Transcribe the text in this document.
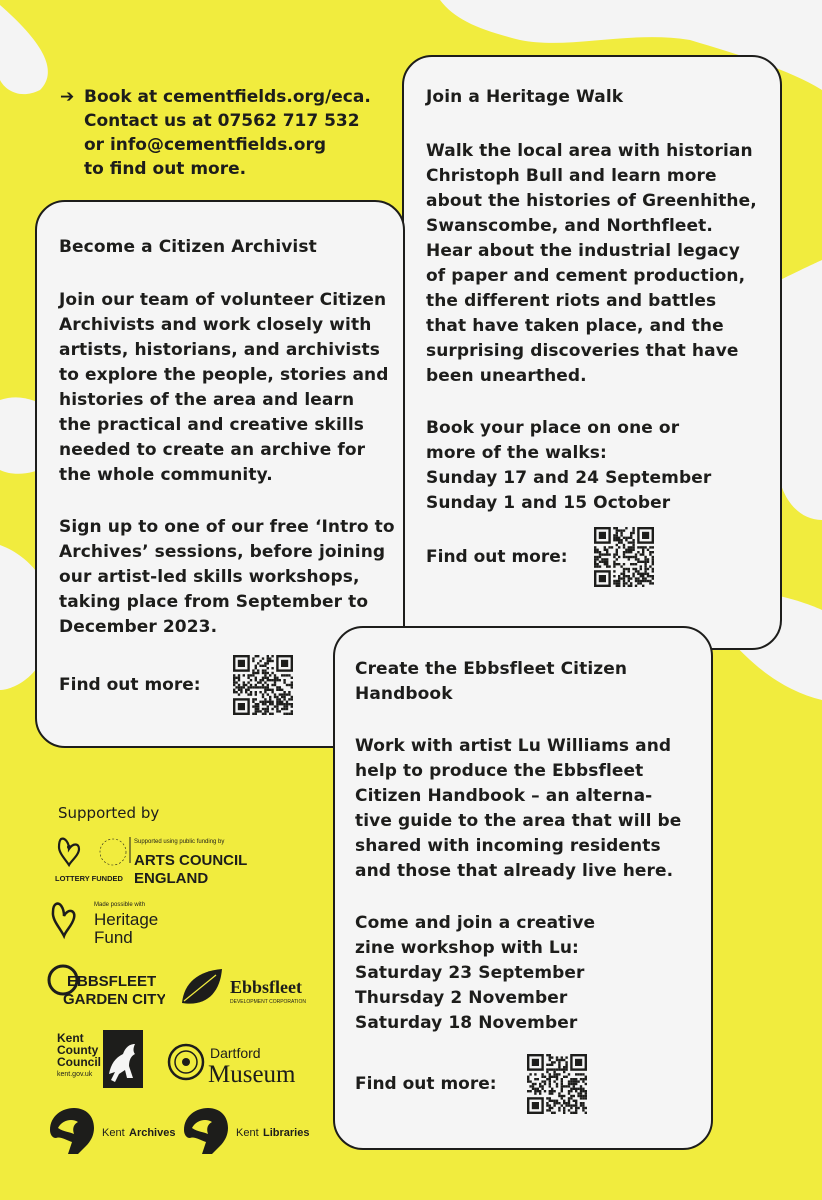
➔ Book at cementfields.org/eca.
Contact us at 07562 717 532
or info@cementfields.org
to find out more.
Join a Heritage Walk

Walk the local area with historian

Christoph Bull and learn more

about the histories of Greenhithe,

Swanscombe, and Northfleet.

Hear about the industrial legacy

of paper and cement production,

the different riots and battles

that have taken place, and the

surprising discoveries that have

been unearthed.

Book your place on one or

more of the walks:

Sunday 17 and 24 September

Sunday 1 and 15 October

Find out more:
Become a Citizen Archivist

Join our team of volunteer Citizen

Archivists and work closely with

artists, historians, and archivists

to explore the people, stories and

histories of the area and learn

the practical and creative skills

needed to create an archive for

the whole community.

Sign up to one of our free ‘Intro to

Archives’ sessions, before joining

our artist-led skills workshops,

taking place from September to

December 2023.

Find out more:
Create the Ebbsfleet Citizen
Handbook

Work with artist Lu Williams and

help to produce the Ebbsfleet

Citizen Handbook – an alterna-

tive guide to the area that will be

shared with incoming residents

and those that already live here.

Come and join a creative

zine workshop with Lu:

Saturday 23 September

Thursday 2 November

Saturday 18 November

Find out more:
Supported by
LOTTERY FUNDED
Supported using public funding by
ARTS COUNCIL
ENGLAND
Made possible with
Heritage
Fund
EBBSFLEET
GARDEN CITY
Ebbsfleet
DEVELOPMENT CORPORATION
Kent
County
Council
kent.gov.uk
Dartford
Museum
Kent Archives	Kent Libraries
